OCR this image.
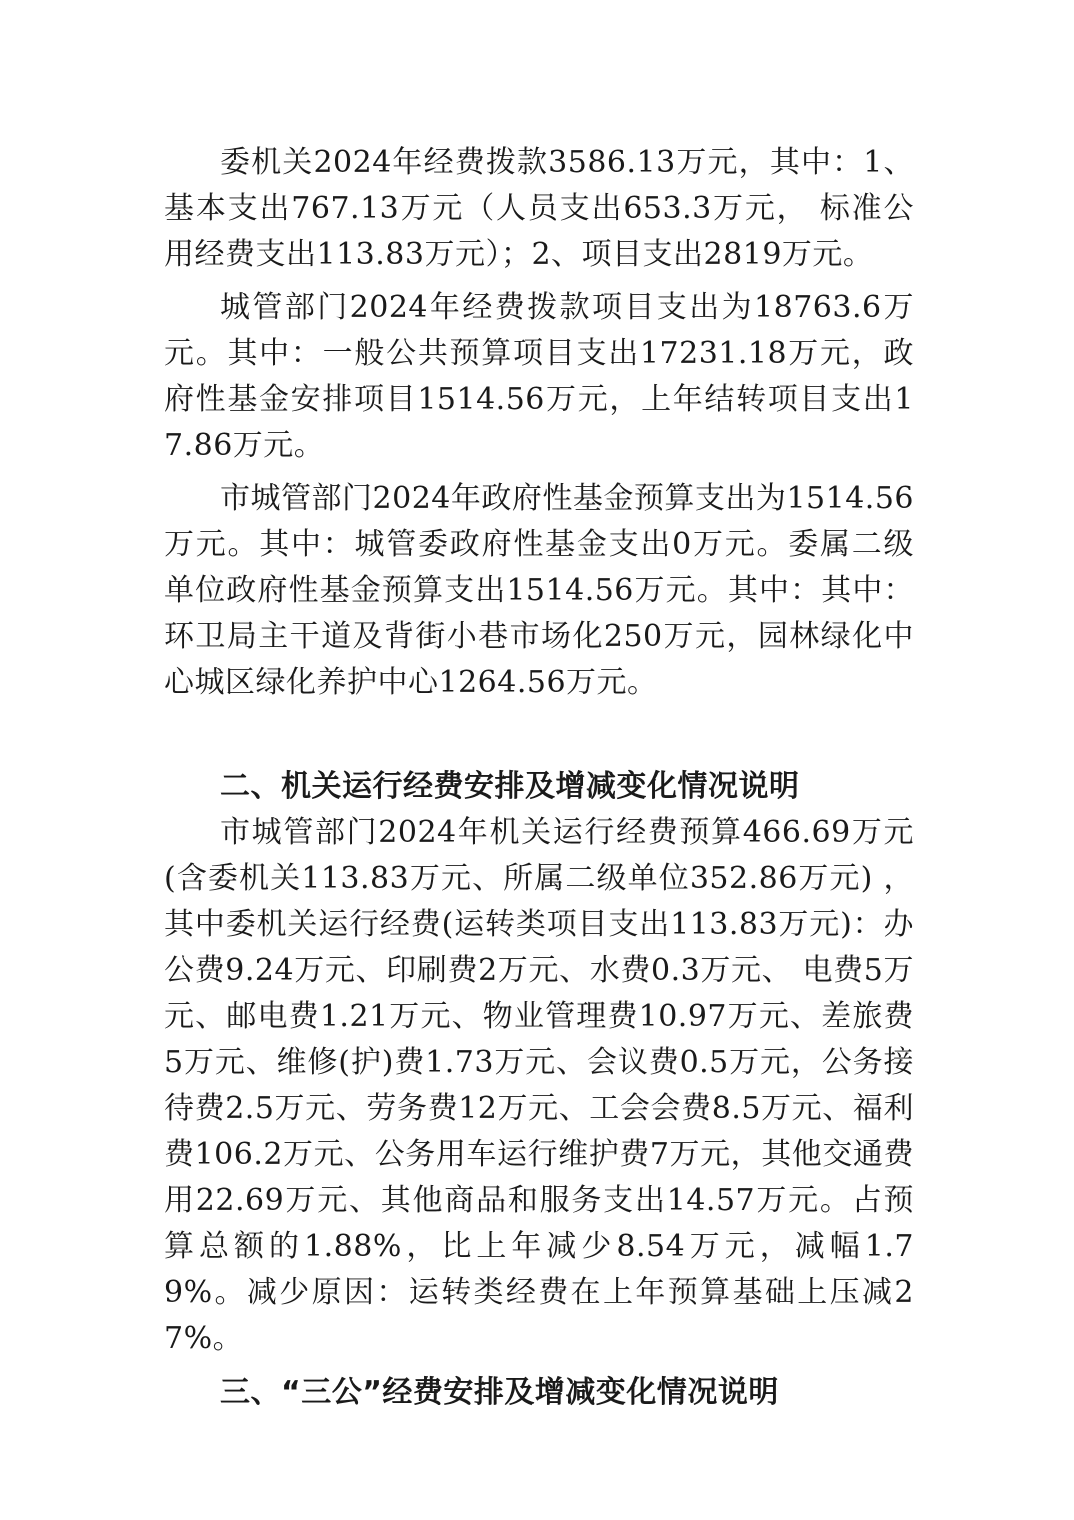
委机关2024年经费拨款3586.13万元，其中：1、基本支出767.13万元（人员支出653.3万元， 标准公用经费支出113.83万元）；2、项目支出2819万元。

城管部门2024年经费拨款项目支出为18763.6万元。其中：一般公共预算项目支出17231.18万元，政府性基金安排项目1514.56万元，上年结转项目支出17.86万元。

市城管部门2024年政府性基金预算支出为1514.56万元。其中：城管委政府性基金支出0万元。委属二级单位政府性基金预算支出1514.56万元。其中：其中：环卫局主干道及背街小巷市场化250万元，园林绿化中心城区绿化养护中心1264.56万元。

二、机关运行经费安排及增减变化情况说明

市城管部门2024年机关运行经费预算466.69万元(含委机关113.83万元、所属二级单位352.86万元) ，其中委机关运行经费(运转类项目支出113.83万元)：办公费9.24万元、印刷费2万元、水费0.3万元、 电费5万元、邮电费1.21万元、物业管理费10.97万元、差旅费5万元、维修(护)费1.73万元、会议费0.5万元，公务接待费2.5万元、劳务费12万元、工会会费8.5万元、福利费106.2万元、公务用车运行维护费7万元，其他交通费用22.69万元、其他商品和服务支出14.57万元。占预算总额的1.88%，比上年减少8.54万元，减幅1.79%。减少原因：运转类经费在上年预算基础上压减27%。

三、“三公”经费安排及增减变化情况说明
